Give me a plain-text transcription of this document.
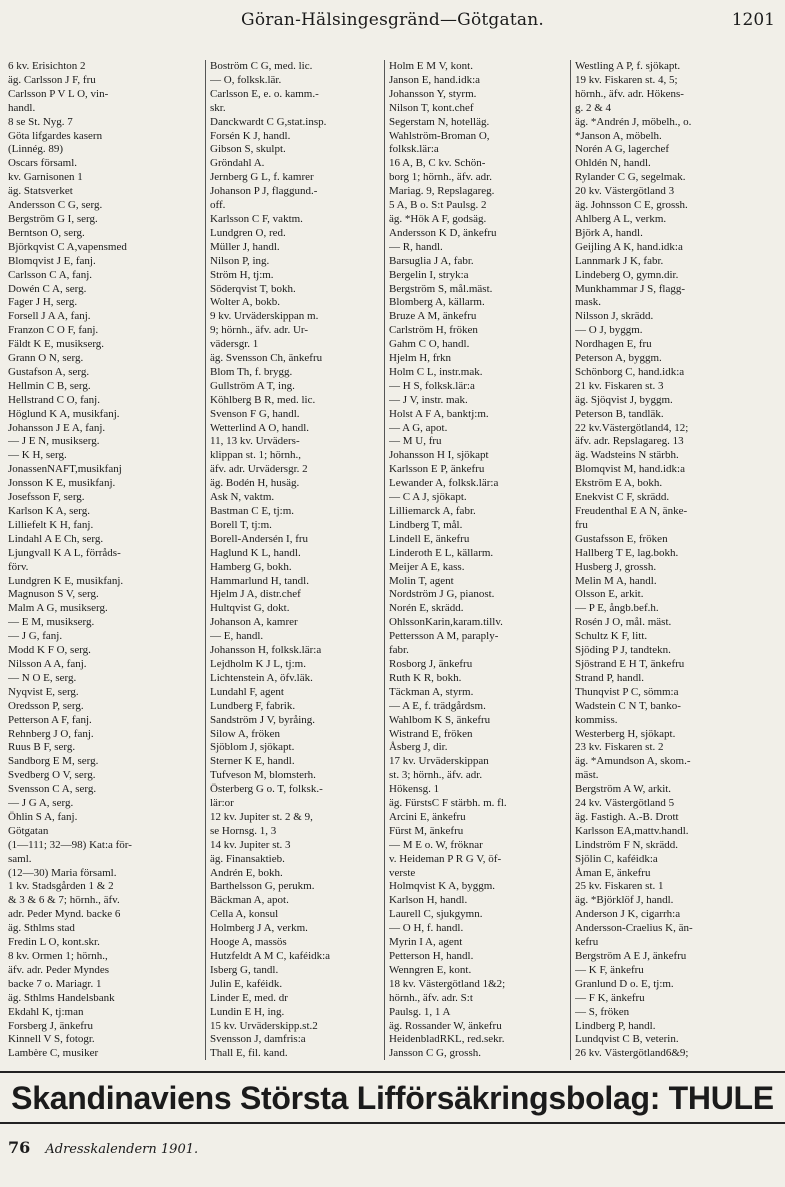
Göran-Hälsingesgränd—Götgatan.	1201
6 kv. Erisichton 2
äg. Carlsson J F, fru
Carlsson P V L O, vin-
handl.
8 se St. Nyg. 7
Göta lifgardes kasern
(Linnég. 89)
Oscars församl.
kv. Garnisonen 1
äg. Statsverket
Andersson C G, serg.
Bergström G I, serg.
Berntson O, serg.
Björkqvist C A,vapensmed
Blomqvist J E, fanj.
Carlsson C A, fanj.
Dowén C A, serg.
Fager J H, serg.
Forsell J A A, fanj.
Franzon C O F, fanj.
Fäldt K E, musikserg.
Grann O N, serg.
Gustafson A, serg.
Hellmin C B, serg.
Hellstrand C O, fanj.
Höglund K A, musikfanj.
Johansson J E A, fanj.
— J E N, musikserg.
— K H, serg.
JonassenNAFT,musikfanj
Jonsson K E, musikfanj.
Josefsson F, serg.
Karlson K A, serg.
Lilliefelt K H, fanj.
Lindahl A E Ch, serg.
Ljungvall K A L, förråds-
förv.
Lundgren K E, musikfanj.
Magnuson S V, serg.
Malm A G, musikserg.
— E M, musikserg.
— J G, fanj.
Modd K F O, serg.
Nilsson A A, fanj.
— N O E, serg.
Nyqvist E, serg.
Oredsson P, serg.
Petterson A F, fanj.
Rehnberg J O, fanj.
Ruus B F, serg.
Sandborg E M, serg.
Svedberg O V, serg.
Svensson C A, serg.
— J G A, serg.
Öhlin S A, fanj.
Götgatan
(1—111; 32—98) Kat:a för-
saml.
(12—30) Maria församl.
1 kv. Stadsgården 1 & 2
& 3 & 6 & 7; hörnh., äfv.
adr. Peder Mynd. backe 6
äg. Sthlms stad
Fredin L O, kont.skr.
8 kv. Ormen 1; hörnh.,
äfv. adr. Peder Myndes
backe 7 o. Mariagr. 1
äg. Sthlms Handelsbank
Ekdahl K, tj:man
Forsberg J, änkefru
Kinnell V S, fotogr.
Lambère C, musiker
Boström C G, med. lic.
— O, folksk.lär.
Carlsson E, e. o. kamm.-
skr.
Danckwardt C G,stat.insp.
Forsén K J, handl.
Gibson S, skulpt.
Gröndahl A.
Jernberg G L, f. kamrer
Johanson P J, flaggund.-
off.
Karlsson C F, vaktm.
Lundgren O, red.
Müller J, handl.
Nilson P, ing.
Ström H, tj:m.
Söderqvist T, bokh.
Wolter A, bokb.
9 kv. Urväderskippan m.
9; hörnh., äfv. adr. Ur-
vädersgr. 1
äg. Svensson Ch, änkefru
Blom Th, f. brygg.
Gullström A T, ing.
Köhlberg B R, med. lic.
Svenson F G, handl.
Wetterlind A O, handl.
11, 13 kv. Urväders-
klippan st. 1; hörnh.,
äfv. adr. Urvädersgr. 2
äg. Bodén H, husäg.
Ask N, vaktm.
Bastman C E, tj:m.
Borell T, tj:m.
Borell-Andersén I, fru
Haglund K L, handl.
Hamberg G, bokh.
Hammarlund H, tandl.
Hjelm J A, distr.chef
Hultqvist G, dokt.
Johanson A, kamrer
— E, handl.
Johansson H, folksk.lär:a
Lejdholm K J L, tj:m.
Lichtenstein A, öfv.läk.
Lundahl F, agent
Lundberg F, fabrik.
Sandström J V, byråing.
Silow A, fröken
Sjöblom J, sjökapt.
Sterner K E, handl.
Tufveson M, blomsterh.
Österberg G o. T, folksk.-
lär:or
12 kv. Jupiter st. 2 & 9,
se Hornsg. 1, 3
14 kv. Jupiter st. 3
äg. Finansaktieb.
Andrén E, bokh.
Barthelsson G, perukm.
Bäckman A, apot.
Cella A, konsul
Holmberg J A, verkm.
Hooge A, massös
Hutzfeldt A M C, kaféidk:a
Isberg G, tandl.
Julin E, kaféidk.
Linder E, med. dr
Lundin E H, ing.
15 kv. Urväderskipp.st.2
Svensson J, damfris:a
Thall E, fil. kand.
Holm E M V, kont.
Janson E, hand.idk:a
Johansson Y, styrm.
Nilson T, kont.chef
Segerstam N, hotelläg.
Wahlström-Broman O,
folksk.lär:a
16 A, B, C kv. Schön-
borg 1; hörnh., äfv. adr.
Mariag. 9, Repslagareg.
5 A, B o. S:t Paulsg. 2
äg. *Hök A F, godsäg.
Andersson K D, änkefru
— R, handl.
Barsuglia J A, fabr.
Bergelin I, stryk:a
Bergström S, mål.mäst.
Blomberg A, källarm.
Bruze A M, änkefru
Carlström H, fröken
Gahm C O, handl.
Hjelm H, frkn
Holm C L, instr.mak.
— H S, folksk.lär:a
— J V, instr. mak.
Holst A F A, banktj:m.
— A G, apot.
— M U, fru
Johansson H I, sjökapt
Karlsson E P, änkefru
Lewander A, folksk.lär:a
— C A J, sjökapt.
Lilliemarck A, fabr.
Lindberg T, mål.
Lindell E, änkefru
Linderoth E L, källarm.
Meijer A E, kass.
Molin T, agent
Nordström J G, pianost.
Norén E, skrädd.
OhlssonKarin,karam.tillv.
Pettersson A M, paraply-
fabr.
Rosborg J, änkefru
Ruth K R, bokh.
Täckman A, styrm.
— A E, f. trädgårdsm.
Wahlbom K S, änkefru
Wistrand E, fröken
Åsberg J, dir.
17 kv. Urväderskippan
st. 3; hörnh., äfv. adr.
Hökensg. 1
äg. FürstsC F stärbh. m. fl.
Arcini E, änkefru
Fürst M, änkefru
— M E o. W, fröknar
v. Heideman P R G V, öf-
verste
Holmqvist K A, byggm.
Karlson H, handl.
Laurell C, sjukgymn.
— O H, f. handl.
Myrin I A, agent
Petterson H, handl.
Wenngren E, kont.
18 kv. Västergötland 1&2;
hörnh., äfv. adr. S:t
Paulsg. 1, 1 A
äg. Rossander W, änkefru
HeidenbladRKL, red.sekr.
Jansson C G, grossh.
Westling A P, f. sjökapt.
19 kv. Fiskaren st. 4, 5;
hörnh., äfv. adr. Hökens-
g. 2 & 4
äg. *Andrén J, möbelh., o.
*Janson A, möbelh.
Norén A G, lagerchef
Ohldén N, handl.
Rylander C G, segelmak.
20 kv. Västergötland 3
äg. Johnsson C E, grossh.
Ahlberg A L, verkm.
Björk A, handl.
Geijling A K, hand.idk:a
Lannmark J K, fabr.
Lindeberg O, gymn.dir.
Munkhammar J S, flagg-
mask.
Nilsson J, skrädd.
— O J, byggm.
Nordhagen E, fru
Peterson A, byggm.
Schönborg C, hand.idk:a
21 kv. Fiskaren st. 3
äg. Sjöqvist J, byggm.
Peterson B, tandläk.
22 kv.Västergötland4, 12;
äfv. adr. Repslagareg. 13
äg. Wadsteins N stärbh.
Blomqvist M, hand.idk:a
Ekström E A, bokh.
Enekvist C F, skrädd.
Freudenthal E A N, änke-
fru
Gustafsson E, fröken
Hallberg T E, lag.bokh.
Husberg J, grossh.
Melin M A, handl.
Olsson E, arkit.
— P E, ångb.bef.h.
Rosén J O, mål. mäst.
Schultz K F, litt.
Sjöding P J, tandtekn.
Sjöstrand E H T, änkefru
Strand P, handl.
Thunqvist P C, sömm:a
Wadstein C N T, banko-
kommiss.
Westerberg H, sjökapt.
23 kv. Fiskaren st. 2
äg. *Amundson A, skom.-
mäst.
Bergström A W, arkit.
24 kv. Västergötland 5
äg. Fastigh. A.-B. Drott
Karlsson EA,mattv.handl.
Lindström F N, skrädd.
Sjölin C, kaféidk:a
Åman E, änkefru
25 kv. Fiskaren st. 1
äg. *Björklöf J, handl.
Anderson J K, cigarrh:a
Andersson-Craelius K, än-
kefru
Bergström A E J, änkefru
— K F, änkefru
Granlund D o. E, tj:m.
— F K, änkefru
— S, fröken
Lindberg P, handl.
Lundqvist C B, veterin.
26 kv. Västergötland6&9;
Skandinaviens Största Lifförsäkringsbolag: THULE
76 Adresskalendern 1901.
